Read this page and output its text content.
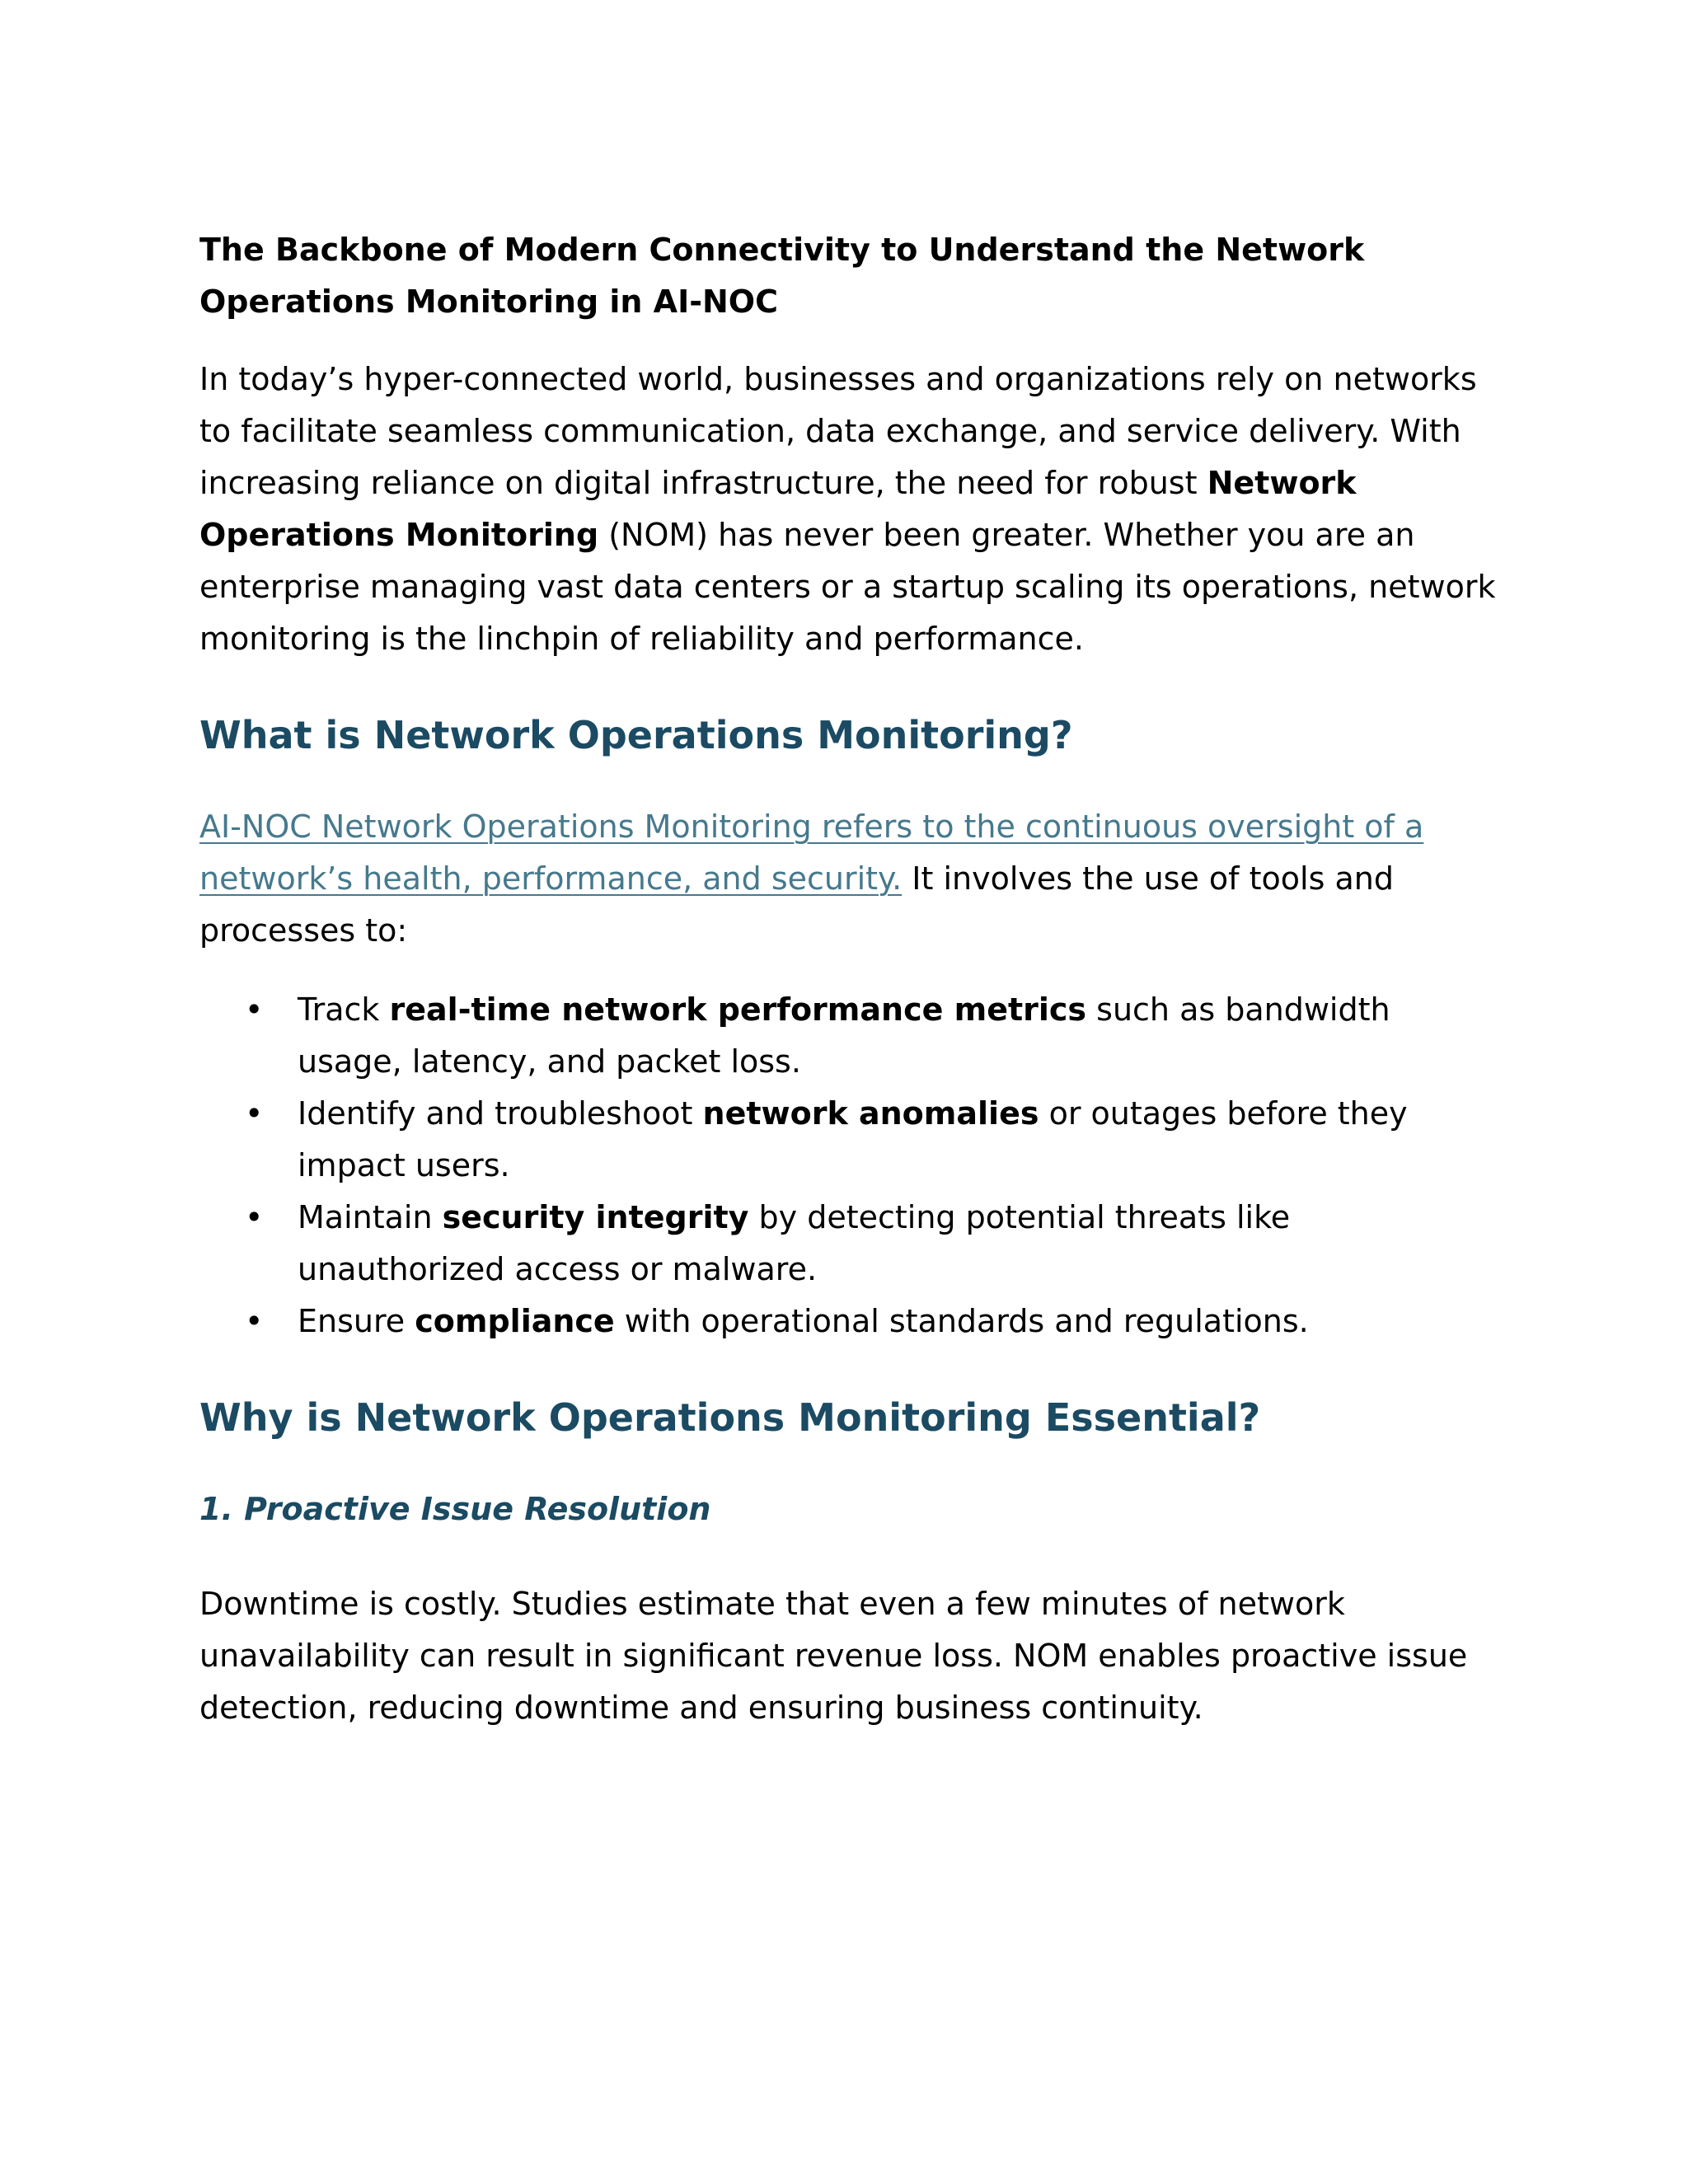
The Backbone of Modern Connectivity to Understand the Network Operations Monitoring in AI-NOC

In today’s hyper-connected world, businesses and organizations rely on networks to facilitate seamless communication, data exchange, and service delivery. With increasing reliance on digital infrastructure, the need for robust Network Operations Monitoring (NOM) has never been greater. Whether you are an enterprise managing vast data centers or a startup scaling its operations, network monitoring is the linchpin of reliability and performance.

What is Network Operations Monitoring?

AI-NOC Network Operations Monitoring refers to the continuous oversight of a network’s health, performance, and security. It involves the use of tools and processes to:

• Track real-time network performance metrics such as bandwidth usage, latency, and packet loss.
• Identify and troubleshoot network anomalies or outages before they impact users.
• Maintain security integrity by detecting potential threats like unauthorized access or malware.
• Ensure compliance with operational standards and regulations.
Why is Network Operations Monitoring Essential?
1. Proactive Issue Resolution

Downtime is costly. Studies estimate that even a few minutes of network unavailability can result in significant revenue loss. NOM enables proactive issue detection, reducing downtime and ensuring business continuity.
